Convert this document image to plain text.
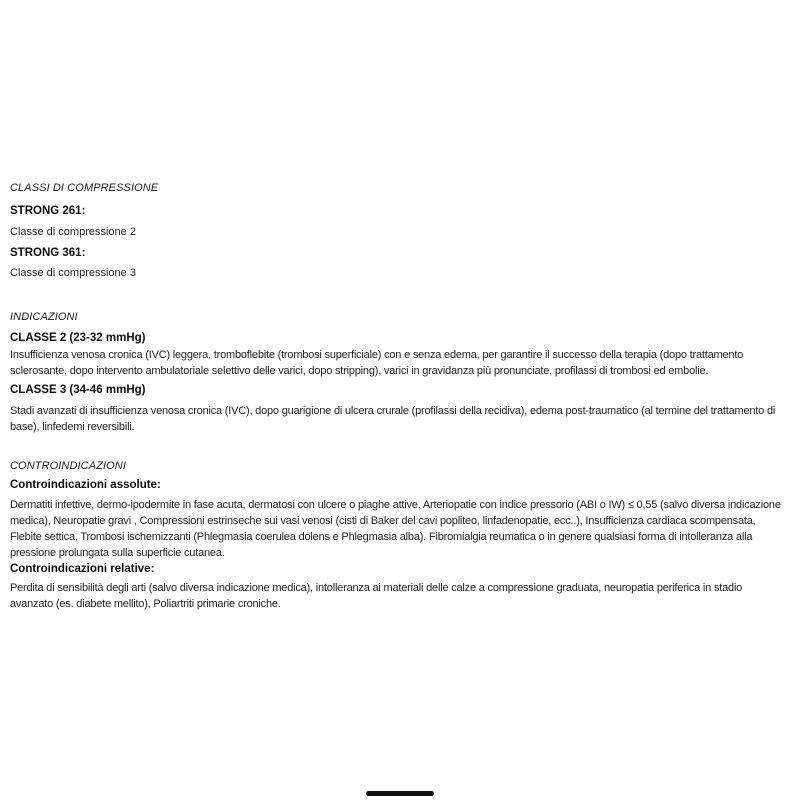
CLASSI DI COMPRESSIONE

STRONG 261:

Classe di compressione 2

STRONG 361:

Classe di compressione 3

INDICAZIONI

CLASSE 2 (23-32 mmHg)

Insufficienza venosa cronica (IVC) leggera, tromboflebite (trombosi superficiale) con e senza edema, per garantire il successo della terapia (dopo trattamento sclerosante, dopo intervento ambulatoriale selettivo delle varici, dopo stripping), varici in gravidanza più pronunciate, profilassi di trombosi ed embolie.

CLASSE 3 (34-46 mmHg)

Stadi avanzati di insufficienza venosa cronica (IVC), dopo guarigione di ulcera crurale (profilassi della recidiva), edema post-traumatico (al termine del trattamento di base), linfedemi reversibili.

CONTROINDICAZIONI

Controindicazioni assolute:

Dermatiti infettive, dermo-ipodermite in fase acuta, dermatosi con ulcere o piaghe attive. Arteriopatie con indice pressorio (ABI o IW) ≤ 0,55 (salvo diversa indicazione medica), Neuropatie gravi , Compressioni estrinseche sui vasi venosi (cisti di Baker del cavi popliteo, linfadenopatie, ecc..), Insufficienza cardiaca scompensata, Flebite settica, Trombosi ischemizzanti (Phlegmasia coerulea dolens e Phlegmasia alba). Fibromialgia reumatica o in genere qualsiasi forma di intolleranza alla pressione prolungata sulla superficie cutanea.

Controindicazioni relative:

Perdita di sensibilità degli arti (salvo diversa indicazione medica), intolleranza ai materiali delle calze a compressione graduata, neuropatia periferica in stadio avanzato (es. diabete mellito), Poliartriti primarie croniche.
